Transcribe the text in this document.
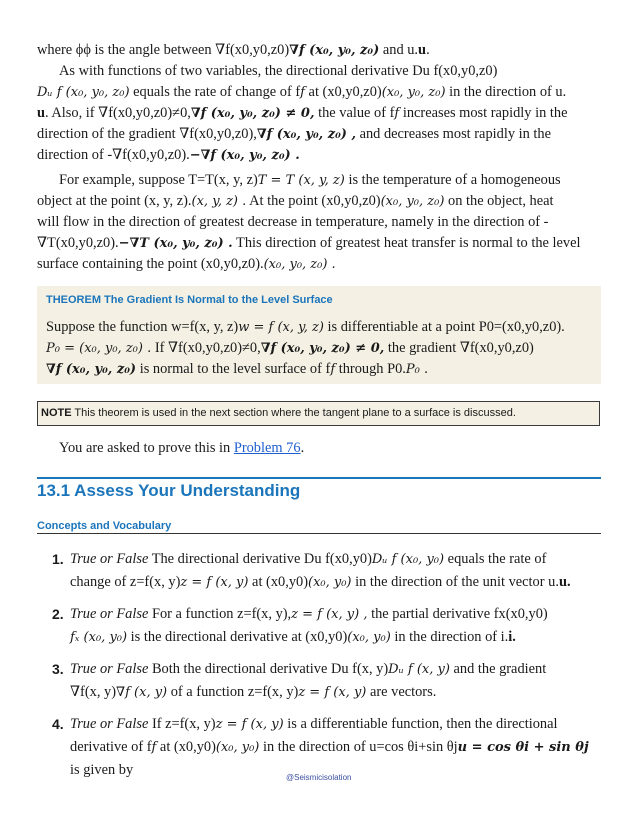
where ϕϕ is the angle between ∇f(x0,y0,z0)∇f (x₀, y₀, z₀) and u.u.

As with functions of two variables, the directional derivative Du f(x0,y0,z0)

Dᵤ f (x₀, y₀, z₀) equals the rate of change of ff at (x0,y0,z0)(x₀, y₀, z₀) in the direction of u.

u. Also, if ∇f(x0,y0,z0)≠0,∇f (x₀, y₀, z₀) ≠ 0, the value of ff increases most rapidly in the

direction of the gradient ∇f(x0,y0,z0),∇f (x₀, y₀, z₀) , and decreases most rapidly in the

direction of -∇f(x0,y0,z0).−∇f (x₀, y₀, z₀) .

For example, suppose T=T(x, y, z)T = T (x, y, z) is the temperature of a homogeneous

object at the point (x, y, z).(x, y, z) . At the point (x0,y0,z0)(x₀, y₀, z₀) on the object, heat

will flow in the direction of greatest decrease in temperature, namely in the direction of -

∇T(x0,y0,z0).−∇T (x₀, y₀, z₀) . This direction of greatest heat transfer is normal to the level

surface containing the point (x0,y0,z0).(x₀, y₀, z₀) .

THEOREM The Gradient Is Normal to the Level Surface

Suppose the function w=f(x, y, z)w = f (x, y, z) is differentiable at a point P0=(x0,y0,z0).

P₀ = (x₀, y₀, z₀) . If ∇f(x0,y0,z0)≠0,∇f (x₀, y₀, z₀) ≠ 0, the gradient ∇f(x0,y0,z0)

∇f (x₀, y₀, z₀) is normal to the level surface of ff through P0.P₀ .

NOTE This theorem is used in the next section where the tangent plane to a surface is discussed.
You are asked to prove this in Problem 76.
13.1 Assess Your Understanding
Concepts and Vocabulary
1. True or False The directional derivative Du f(x0,y0)Dᵤ f (x₀, y₀) equals the rate of
change of z=f(x, y)z = f (x, y) at (x0,y0)(x₀, y₀) in the direction of the unit vector u.u.
2. True or False For a function z=f(x, y),z = f (x, y) , the partial derivative fx(x0,y0)
fₓ (x₀, y₀) is the directional derivative at (x0,y0)(x₀, y₀) in the direction of i.i.
3. True or False Both the directional derivative Du f(x, y)Dᵤ f (x, y) and the gradient
∇f(x, y)∇f (x, y) of a function z=f(x, y)z = f (x, y) are vectors.
4. True or False If z=f(x, y)z = f (x, y) is a differentiable function, then the directional
derivative of ff at (x0,y0)(x₀, y₀) in the direction of u=cos θi+sin θju = cos θi + sin θj
is given by	@Seismicisolation
